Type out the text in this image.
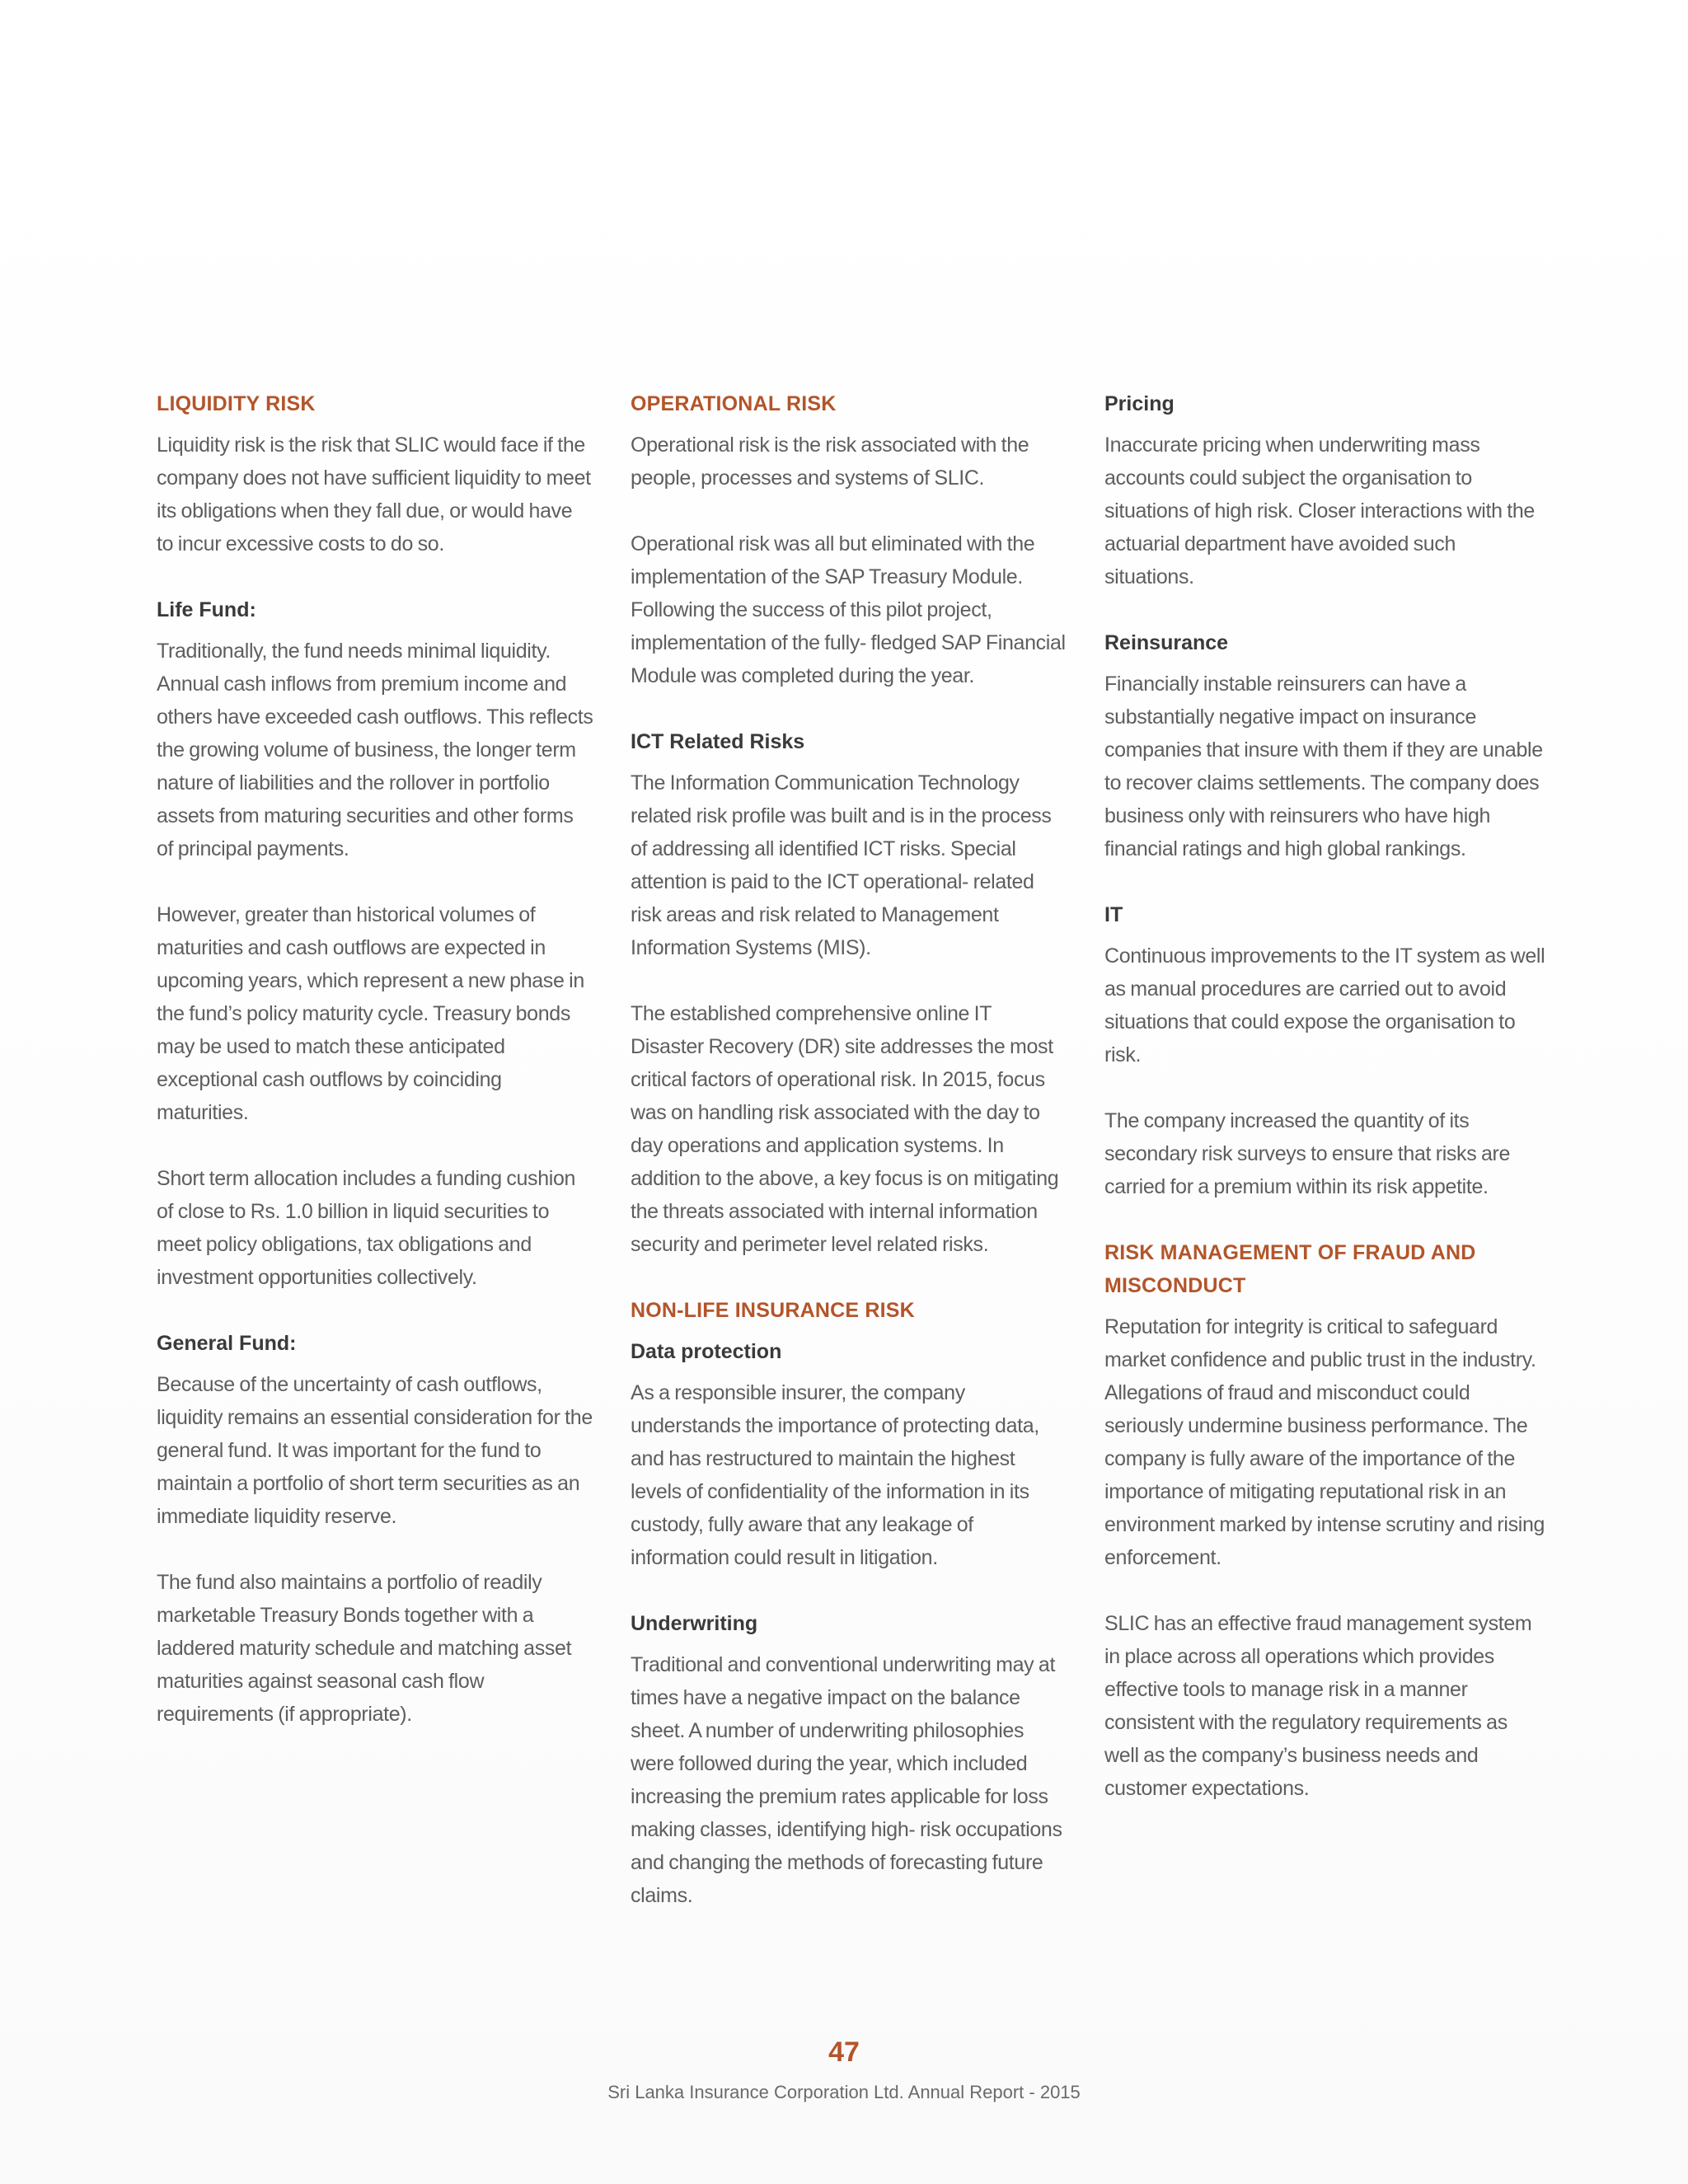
LIQUIDITY RISK

Liquidity risk is the risk that SLIC would face if the company does not have sufficient liquidity to meet its obligations when they fall due, or would have to incur excessive costs to do so.

Life Fund:

Traditionally, the fund needs minimal liquidity. Annual cash inflows from premium income and others have exceeded cash outflows. This reflects the growing volume of business, the longer term nature of liabilities and the rollover in portfolio assets from maturing securities and other forms of principal payments.

However, greater than historical volumes of maturities and cash outflows are expected in upcoming years, which represent a new phase in the fund’s policy maturity cycle. Treasury bonds may be used to match these anticipated exceptional cash outflows by coinciding maturities.

Short term allocation includes a funding cushion of close to Rs. 1.0 billion in liquid securities to meet policy obligations, tax obligations and investment opportunities collectively.

General Fund:

Because of the uncertainty of cash outflows, liquidity remains an essential consideration for the general fund. It was important for the fund to maintain a portfolio of short term securities as an immediate liquidity reserve.

The fund also maintains a portfolio of readily marketable Treasury Bonds together with a laddered maturity schedule and matching asset maturities against seasonal cash flow requirements (if appropriate).

OPERATIONAL RISK

Operational risk is the risk associated with the people, processes and systems of SLIC.

Operational risk was all but eliminated with the implementation of the SAP Treasury Module. Following the success of this pilot project, implementation of the fully- fledged SAP Financial Module was completed during the year.

ICT Related Risks

The Information Communication Technology related risk profile was built and is in the process of addressing all identified ICT risks. Special attention is paid to the ICT operational- related risk areas and risk related to Management Information Systems (MIS).

The established comprehensive online IT Disaster Recovery (DR) site addresses the most critical factors of operational risk. In 2015, focus was on handling risk associated with the day to day operations and application systems. In addition to the above, a key focus is on mitigating the threats associated with internal information security and perimeter level related risks.

NON-LIFE INSURANCE RISK
Data protection

As a responsible insurer, the company understands the importance of protecting data, and has restructured to maintain the highest levels of confidentiality of the information in its custody, fully aware that any leakage of information could result in litigation.

Underwriting

Traditional and conventional underwriting may at times have a negative impact on the balance sheet. A number of underwriting philosophies were followed during the year, which included increasing the premium rates applicable for loss making classes, identifying high- risk occupations and changing the methods of forecasting future claims.

Pricing

Inaccurate pricing when underwriting mass accounts could subject the organisation to situations of high risk. Closer interactions with the actuarial department have avoided such situations.

Reinsurance

Financially instable reinsurers can have a substantially negative impact on insurance companies that insure with them if they are unable to recover claims settlements. The company does business only with reinsurers who have high financial ratings and high global rankings.

IT

Continuous improvements to the IT system as well as manual procedures are carried out to avoid situations that could expose the organisation to risk.

The company increased the quantity of its secondary risk surveys to ensure that risks are carried for a premium within its risk appetite.

RISK MANAGEMENT OF FRAUD AND MISCONDUCT

Reputation for integrity is critical to safeguard market confidence and public trust in the industry. Allegations of fraud and misconduct could seriously undermine business performance. The company is fully aware of the importance of the importance of mitigating reputational risk in an environment marked by intense scrutiny and rising enforcement.

SLIC has an effective fraud management system in place across all operations which provides effective tools to manage risk in a manner consistent with the regulatory requirements as well as the company’s business needs and customer expectations.

47
Sri Lanka Insurance Corporation Ltd. Annual Report - 2015
